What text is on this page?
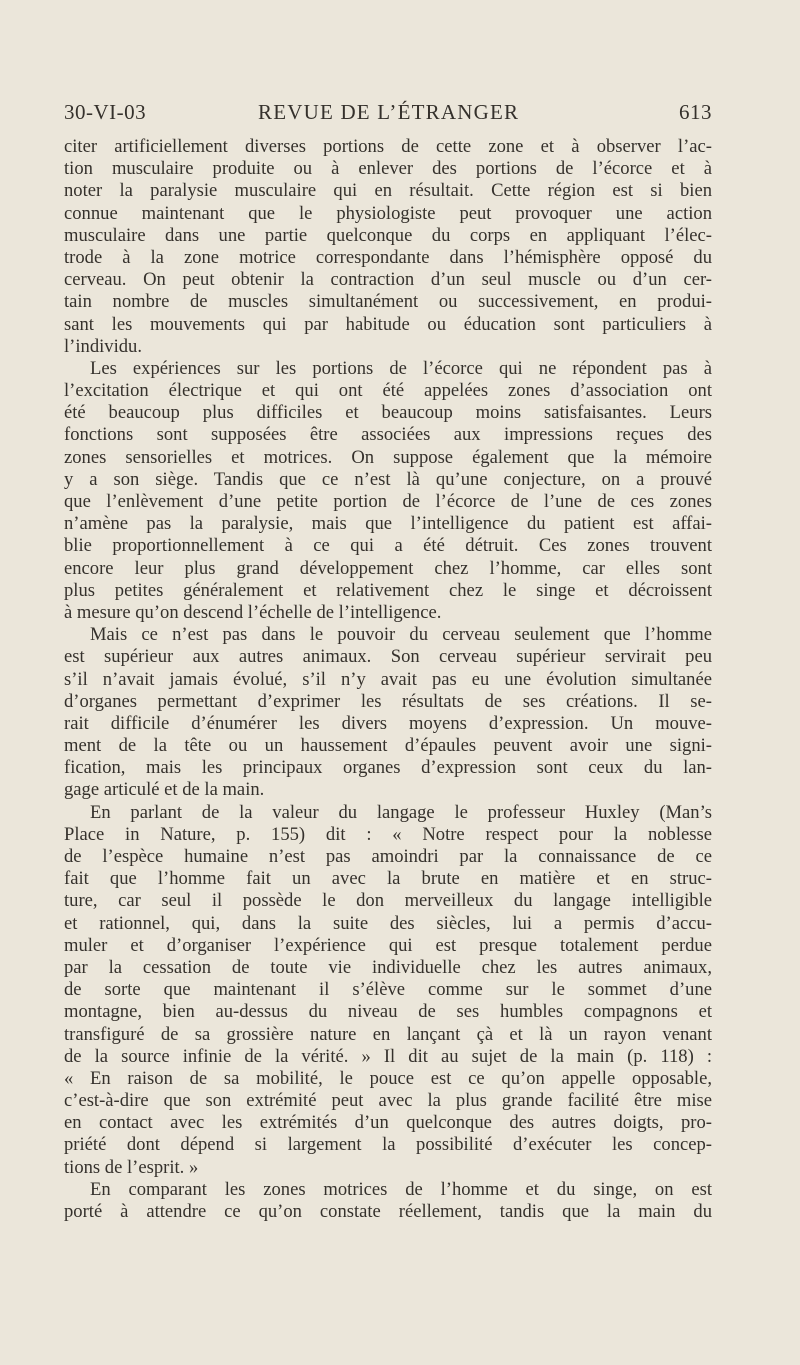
30-VI-03	REVUE DE L’ÉTRANGER	613
citer artificiellement diverses portions de cette zone et à observer l’ac-
tion musculaire produite ou à enlever des portions de l’écorce et à
noter la paralysie musculaire qui en résultait. Cette région est si bien
connue maintenant que le physiologiste peut provoquer une action
musculaire dans une partie quelconque du corps en appliquant l’élec-
trode à la zone motrice correspondante dans l’hémisphère opposé du
cerveau. On peut obtenir la contraction d’un seul muscle ou d’un cer-
tain nombre de muscles simultanément ou successivement, en produi-
sant les mouvements qui par habitude ou éducation sont particuliers à
l’individu.
Les expériences sur les portions de l’écorce qui ne répondent pas à
l’excitation électrique et qui ont été appelées zones d’association ont
été beaucoup plus difficiles et beaucoup moins satisfaisantes. Leurs
fonctions sont supposées être associées aux impressions reçues des
zones sensorielles et motrices. On suppose également que la mémoire
y a son siège. Tandis que ce n’est là qu’une conjecture, on a prouvé
que l’enlèvement d’une petite portion de l’écorce de l’une de ces zones
n’amène pas la paralysie, mais que l’intelligence du patient est affai-
blie proportionnellement à ce qui a été détruit. Ces zones trouvent
encore leur plus grand développement chez l’homme, car elles sont
plus petites généralement et relativement chez le singe et décroissent
à mesure qu’on descend l’échelle de l’intelligence.
Mais ce n’est pas dans le pouvoir du cerveau seulement que l’homme
est supérieur aux autres animaux. Son cerveau supérieur servirait peu
s’il n’avait jamais évolué, s’il n’y avait pas eu une évolution simultanée
d’organes permettant d’exprimer les résultats de ses créations. Il se-
rait difficile d’énumérer les divers moyens d’expression. Un mouve-
ment de la tête ou un haussement d’épaules peuvent avoir une signi-
fication, mais les principaux organes d’expression sont ceux du lan-
gage articulé et de la main.
En parlant de la valeur du langage le professeur Huxley (Man’s
Place in Nature, p. 155) dit : « Notre respect pour la noblesse
de l’espèce humaine n’est pas amoindri par la connaissance de ce
fait que l’homme fait un avec la brute en matière et en struc-
ture, car seul il possède le don merveilleux du langage intelligible
et rationnel, qui, dans la suite des siècles, lui a permis d’accu-
muler et d’organiser l’expérience qui est presque totalement perdue
par la cessation de toute vie individuelle chez les autres animaux,
de sorte que maintenant il s’élève comme sur le sommet d’une
montagne, bien au-dessus du niveau de ses humbles compagnons et
transfiguré de sa grossière nature en lançant çà et là un rayon venant
de la source infinie de la vérité. » Il dit au sujet de la main (p. 118) :
« En raison de sa mobilité, le pouce est ce qu’on appelle opposable,
c’est-à-dire que son extrémité peut avec la plus grande facilité être mise
en contact avec les extrémités d’un quelconque des autres doigts, pro-
priété dont dépend si largement la possibilité d’exécuter les concep-
tions de l’esprit. »
En comparant les zones motrices de l’homme et du singe, on est
porté à attendre ce qu’on constate réellement, tandis que la main du
